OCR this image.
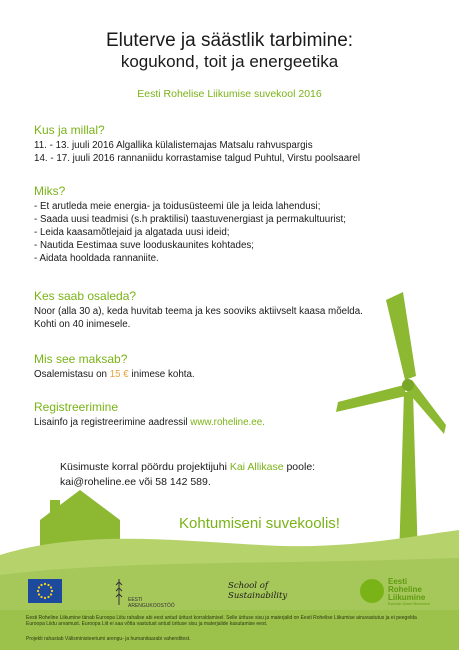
Eluterve ja säästlik tarbimine:
kogukond, toit ja energeetika
Eesti Rohelise Liikumise suvekool 2016
Kus ja millal?
11. - 13. juuli 2016 Algallika külalistemajas Matsalu rahvuspargis
14. - 17. juuli 2016 rannaniidu korrastamise talgud Puhtul, Virstu poolsaarel
Miks?
- Et arutleda meie energia- ja toidusüsteemi üle ja leida lahendusi;
- Saada uusi teadmisi (s.h praktilisi) taastuvenergiast ja permakultuurist;
- Leida kaasamõtlejaid ja algatada uusi ideid;
- Nautida Eestimaa suve looduskaunites kohtades;
- Aidata hooldada rannaniite.
Kes saab osaleda?
Noor (alla 30 a), keda huvitab teema ja kes sooviks aktiivselt kaasa mõelda.
Kohti on 40 inimesele.
Mis see maksab?
Osalemistasu on 15 € inimese kohta.
Registreerimine
Lisainfo ja registreerimine aadressil www.roheline.ee.
Küsimuste korral pöördu projektijuhi Kai Allikase poole:
kai@roheline.ee või 58 142 589.
Kohtumiseni suvekoolis!
EESTI
ARENGUKOOSTÖÖ
School of
Sustainability
Eesti
Roheline
Liikumine
Estonian Green Movement
Eesti Roheline Liikumine tänab Euroopa Liitu rahalise abi eest antud üritust korraldamisel. Selle ürituse sisu ja materjalid on Eesti Rohelise Liikumise ainuvastutus ja ei peegelda Euroopa Liidu arvamust. Euroopa Liit ei saa võtta vastutust antud ürituse sisu ja materjalide kasutamise eest.
Projekti rahastab Välisministeeriumi arengu- ja humanitaarabi vahenditest.
